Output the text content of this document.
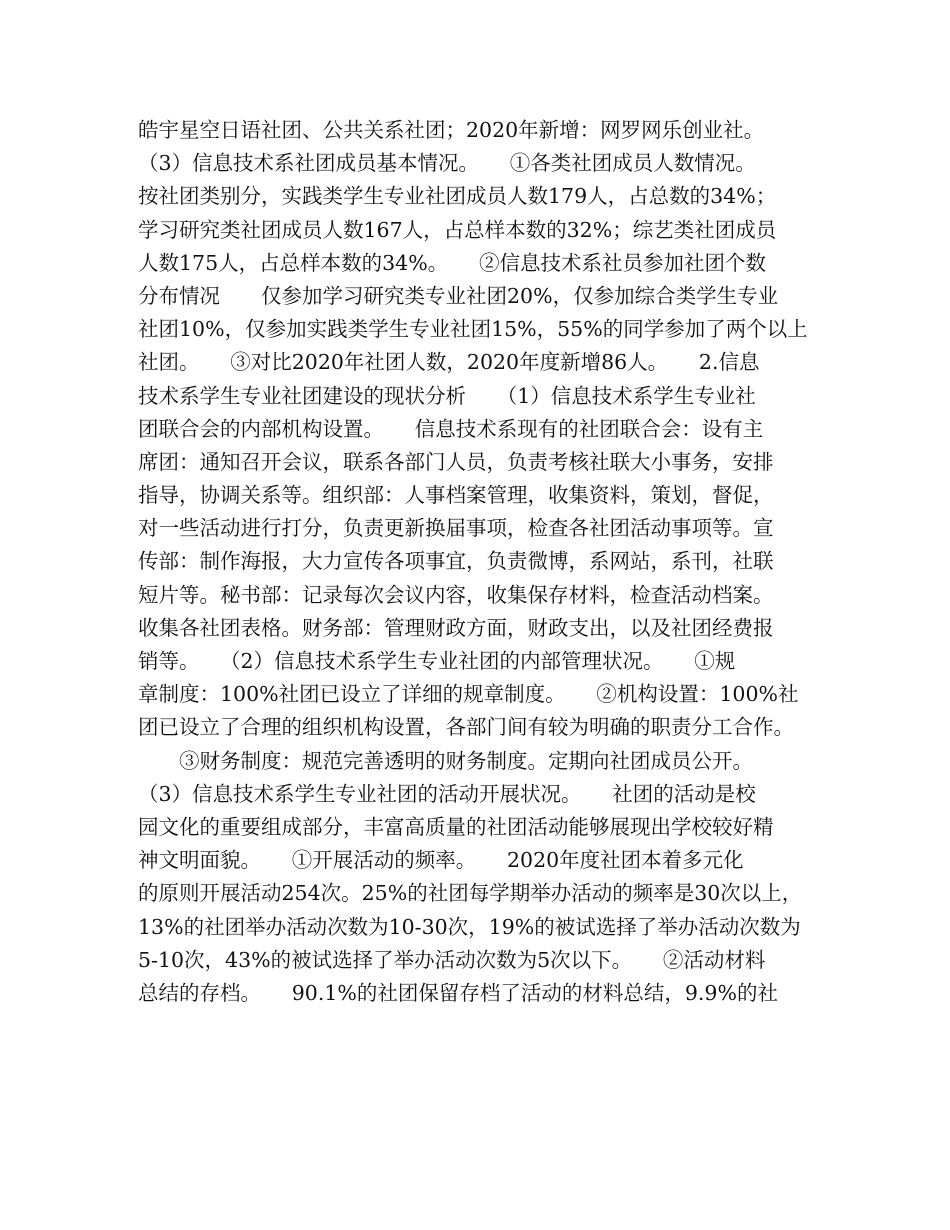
皓宇星空日语社团、公共关系社团；2020年新增：网罗网乐创业社。
（3）信息技术系社团成员基本情况。　　①各类社团成员人数情况。
按社团类别分，实践类学生专业社团成员人数179人，占总数的34%；
学习研究类社团成员人数167人，占总样本数的32%；综艺类社团成员
人数175人，占总样本数的34%。　　②信息技术系社员参加社团个数
分布情况　　仅参加学习研究类专业社团20%，仅参加综合类学生专业
社团10%，仅参加实践类学生专业社团15%，55%的同学参加了两个以上
社团。　　③对比2020年社团人数，2020年度新增86人。　　2.信息
技术系学生专业社团建设的现状分析　　（1）信息技术系学生专业社
团联合会的内部机构设置。　　信息技术系现有的社团联合会：设有主
席团：通知召开会议，联系各部门人员，负责考核社联大小事务，安排
指导，协调关系等。组织部：人事档案管理，收集资料，策划，督促，
对一些活动进行打分，负责更新换届事项，检查各社团活动事项等。宣
传部：制作海报，大力宣传各项事宜，负责微博，系网站，系刊，社联
短片等。秘书部：记录每次会议内容，收集保存材料，检查活动档案。
收集各社团表格。财务部：管理财政方面，财政支出，以及社团经费报
销等。　　（2）信息技术系学生专业社团的内部管理状况。　　①规
章制度：100%社团已设立了详细的规章制度。　　②机构设置：100%社
团已设立了合理的组织机构设置，各部门间有较为明确的职责分工合作。
　　③财务制度：规范完善透明的财务制度。定期向社团成员公开。
（3）信息技术系学生专业社团的活动开展状况。　　社团的活动是校
园文化的重要组成部分，丰富高质量的社团活动能够展现出学校较好精
神文明面貌。　　①开展活动的频率。　　2020年度社团本着多元化
的原则开展活动254次。25%的社团每学期举办活动的频率是30次以上，
13%的社团举办活动次数为10-30次，19%的被试选择了举办活动次数为
5-10次，43%的被试选择了举办活动次数为5次以下。　　②活动材料
总结的存档。　　90.1%的社团保留存档了活动的材料总结，9.9%的社
